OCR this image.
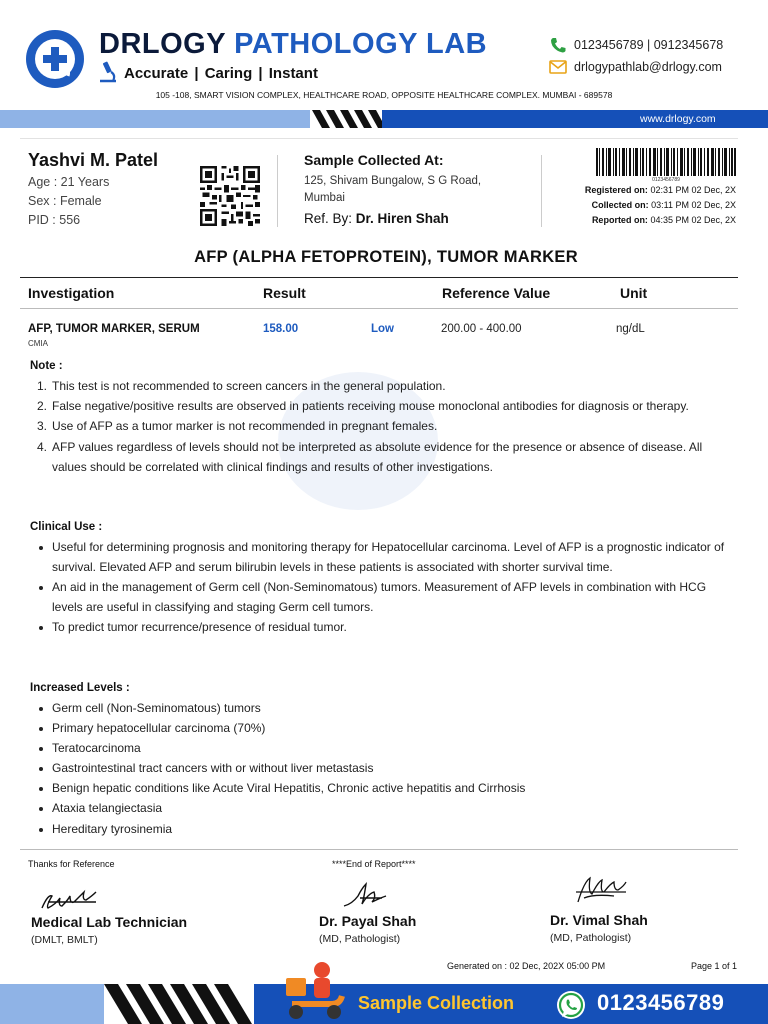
DRLOGY PATHOLOGY LAB
Accurate | Caring | Instant
0123456789 | 0912345678
drlogypathlab@drlogy.com
105 -108, SMART VISION COMPLEX, HEALTHCARE ROAD, OPPOSITE HEALTHCARE COMPLEX. MUMBAI - 689578
www.drlogy.com
Yashvi M. Patel
Age : 21 Years
Sex : Female
PID : 556
Sample Collected At:
125, Shivam Bungalow, S G Road, Mumbai
Ref. By: Dr. Hiren Shah
0123456789
Registered on: 02:31 PM 02 Dec, 2X
Collected on: 03:11 PM 02 Dec, 2X
Reported on: 04:35 PM 02 Dec, 2X
AFP (ALPHA FETOPROTEIN), TUMOR MARKER
Investigation	Result	Reference Value	Unit
AFP, TUMOR MARKER, SERUM
CMIA
158.00	Low	200.00 - 400.00	ng/dL
Note :
1. This test is not recommended to screen cancers in the general population.
2. False negative/positive results are observed in patients receiving mouse monoclonal antibodies for diagnosis or therapy.
3. Use of AFP as a tumor marker is not recommended in pregnant females.
4. AFP values regardless of levels should not be interpreted as absolute evidence for the presence or absence of disease. All values should be correlated with clinical findings and results of other investigations.
Clinical Use :
Useful for determining prognosis and monitoring therapy for Hepatocellular carcinoma. Level of AFP is a prognostic indicator of survival. Elevated AFP and serum bilirubin levels in these patients is associated with shorter survival time.
An aid in the management of Germ cell (Non-Seminomatous) tumors. Measurement of AFP levels in combination with HCG levels are useful in classifying and staging Germ cell tumors.
To predict tumor recurrence/presence of residual tumor.
Increased Levels :
Germ cell (Non-Seminomatous) tumors
Primary hepatocellular carcinoma (70%)
Teratocarcinoma
Gastrointestinal tract cancers with or without liver metastasis
Benign hepatic conditions like Acute Viral Hepatitis, Chronic active hepatitis and Cirrhosis
Ataxia telangiectasia
Hereditary tyrosinemia
Thanks for Reference	****End of Report****
Medical Lab Technician
(DMLT, BMLT)
Dr. Payal Shah
(MD, Pathologist)
Dr. Vimal Shah
(MD, Pathologist)
Generated on : 02 Dec, 202X 05:00 PM	Page 1 of 1
Sample Collection	0123456789
